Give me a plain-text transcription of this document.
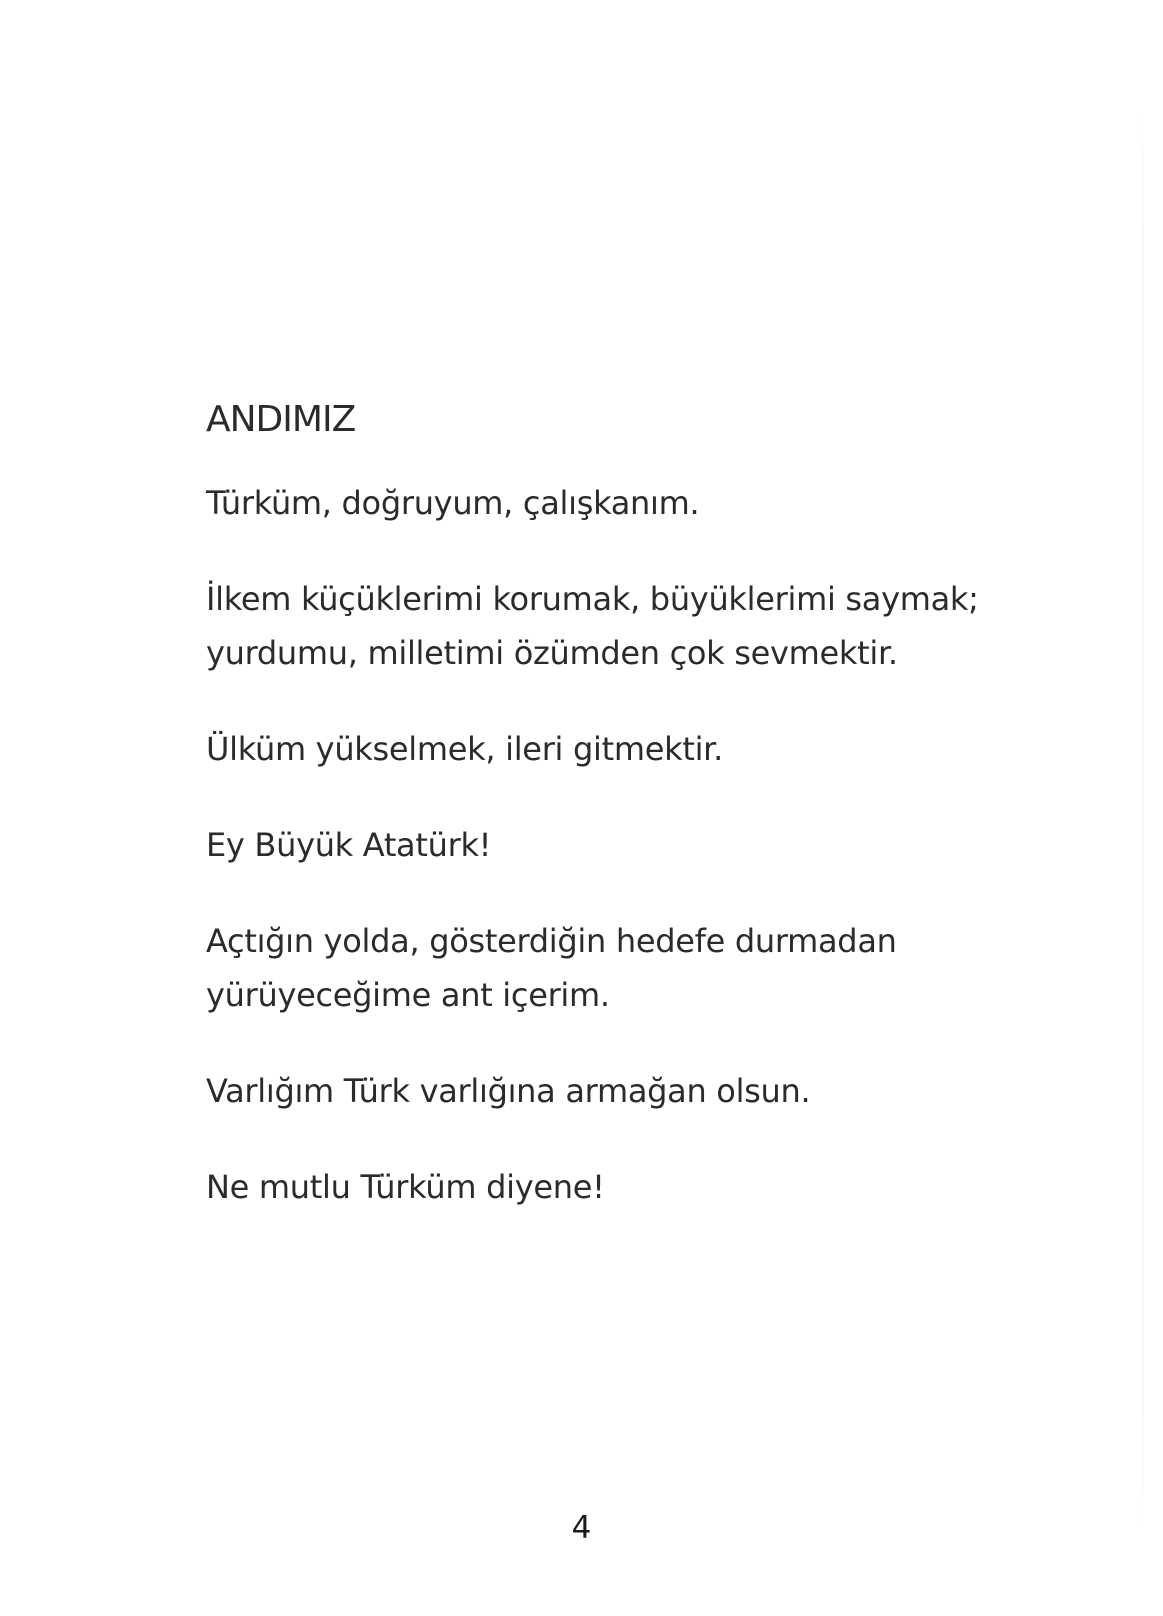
ANDIMIZ

Türküm, doğruyum, çalışkanım.

İlkem küçüklerimi korumak, büyüklerimi saymak;
yurdumu, milletimi özümden çok sevmektir.

Ülküm yükselmek, ileri gitmektir.

Ey Büyük Atatürk!

Açtığın yolda, gösterdiğin hedefe durmadan
yürüyeceğime ant içerim.

Varlığım Türk varlığına armağan olsun.

Ne mutlu Türküm diyene!

4
